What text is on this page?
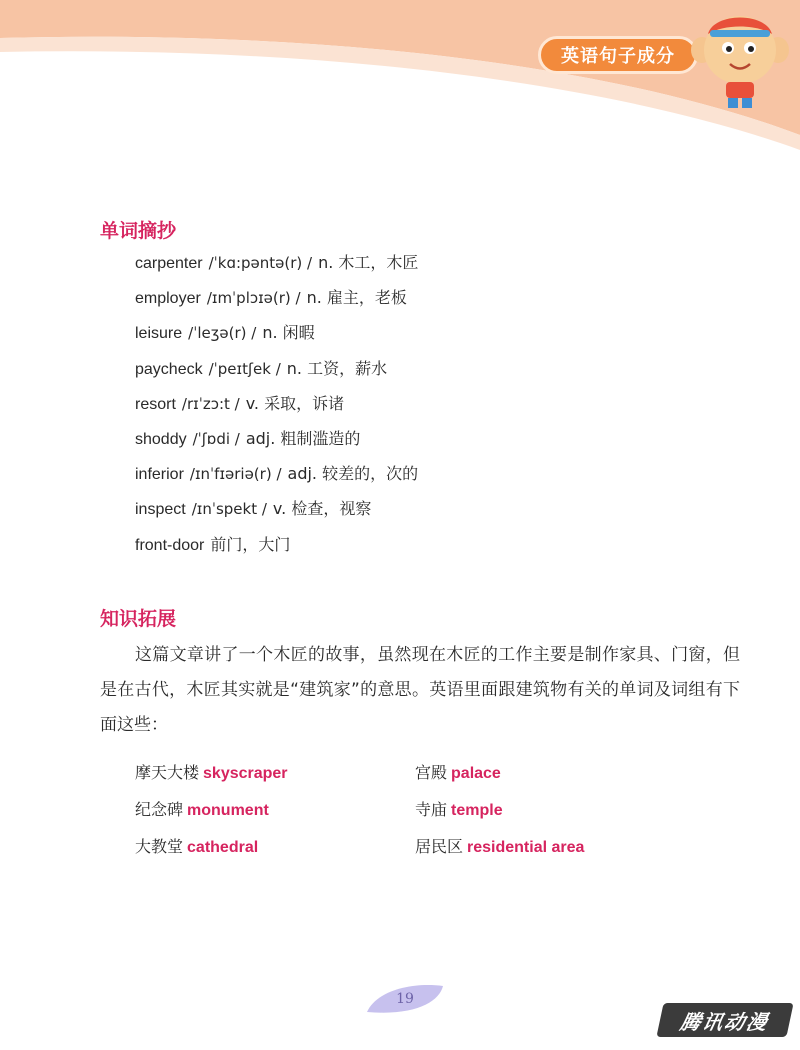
英语句子成分
单词摘抄
carpenter /ˈkɑ:pəntə(r) / n. 木工，木匠
employer /ɪmˈplɔɪə(r) / n. 雇主，老板
leisure /ˈleʒə(r) / n. 闲暇
paycheck /ˈpeɪtʃek / n. 工资，薪水
resort /rɪˈzɔ:t / v. 采取，诉诸
shoddy /ˈʃɒdi / adj. 粗制滥造的
inferior /ɪnˈfɪəriə(r) / adj. 较差的，次的
inspect /ɪnˈspekt / v. 检查，视察
front-door 前门，大门
知识拓展

这篇文章讲了一个木匠的故事，虽然现在木匠的工作主要是制作家具、门窗，但是在古代，木匠其实就是“建筑家”的意思。英语里面跟建筑物有关的单词及词组有下面这些：

摩天大楼 skyscraper	宫殿 palace
纪念碑 monument	寺庙 temple
大教堂 cathedral	居民区 residential area

19

腾讯动漫
